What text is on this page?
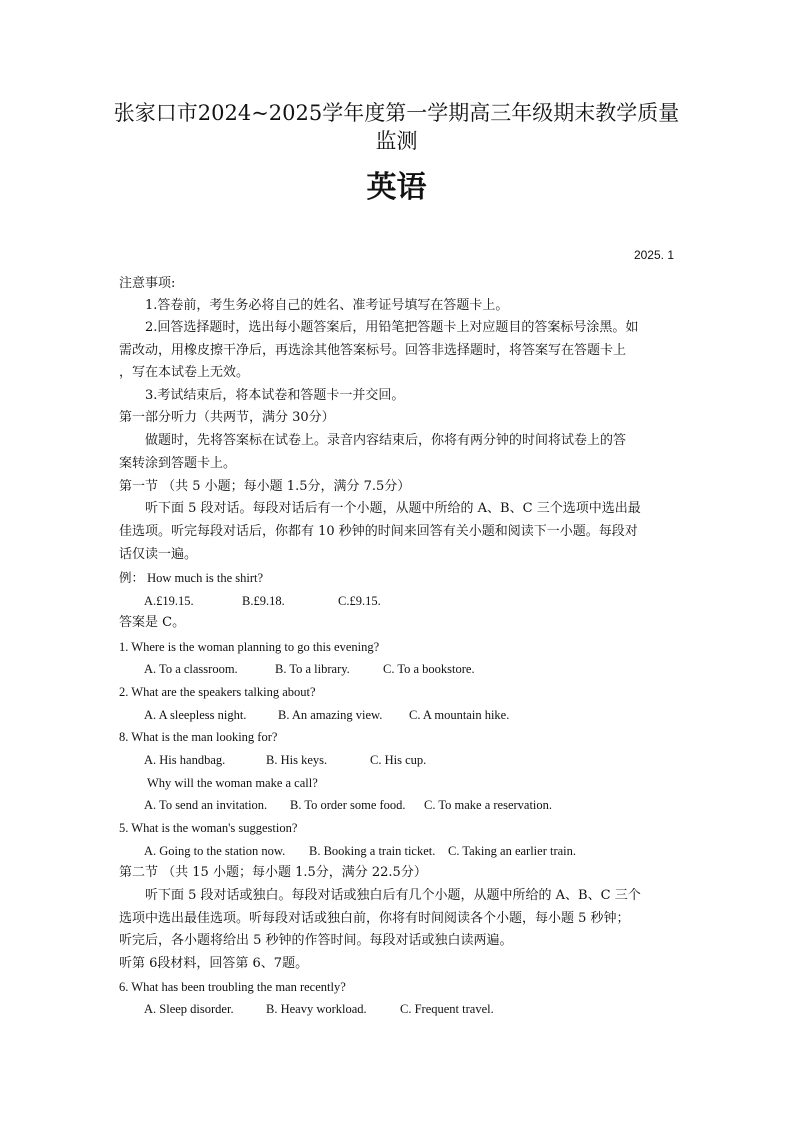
张家口市2024~2025学年度第一学期高三年级期末教学质量
监测
英语
2025. 1
注意事项:
1.答卷前，考生务必将自己的姓名、准考证号填写在答题卡上。
2.回答选择题时，选出每小题答案后，用铅笔把答题卡上对应题目的答案标号涂黑。如
需改动，用橡皮擦干净后，再选涂其他答案标号。回答非选择题时，将答案写在答题卡上
，写在本试卷上无效。
3.考试结束后，将本试卷和答题卡一并交回。
第一部分听力（共两节，满分 30分）
做题时，先将答案标在试卷上。录音内容结束后，你将有两分钟的时间将试卷上的答
案转涂到答题卡上。
第一节 （共 5 小题；每小题 1.5分，满分 7.5分）
听下面 5 段对话。每段对话后有一个小题，从题中所给的 A、B、C 三个选项中选出最
佳选项。听完每段对话后，你都有 10 秒钟的时间来回答有关小题和阅读下一小题。每段对
话仅读一遍。
例： How much is the shirt?
A.£19.15.	B.£9.18.	C.£9.15.
答案是 C。
1. Where is the woman planning to go this evening?
A. To a classroom.	B. To a library.	C. To a bookstore.
2. What are the speakers talking about?
A. A sleepless night.	B. An amazing view. C. A mountain hike.
8. What is the man looking for?
A. His handbag.	B. His keys.	C. His cup.
Why will the woman make a call?
A. To send an invitation. B. To order some food. C. To make a reservation.
5. What is the woman's suggestion?
A. Going to the station now. B. Booking a train ticket. C. Taking an earlier train.
第二节 （共 15 小题；每小题 1.5分，满分 22.5分）
听下面 5 段对话或独白。每段对话或独白后有几个小题，从题中所给的 A、B、C 三个
选项中选出最佳选项。听每段对话或独白前，你将有时间阅读各个小题，每小题 5 秒钟；
听完后，各小题将给出 5 秒钟的作答时间。每段对话或独白读两遍。
听第 6段材料，回答第 6、7题。
6. What has been troubling the man recently?
A. Sleep disorder.	B. Heavy workload.	C. Frequent travel.
